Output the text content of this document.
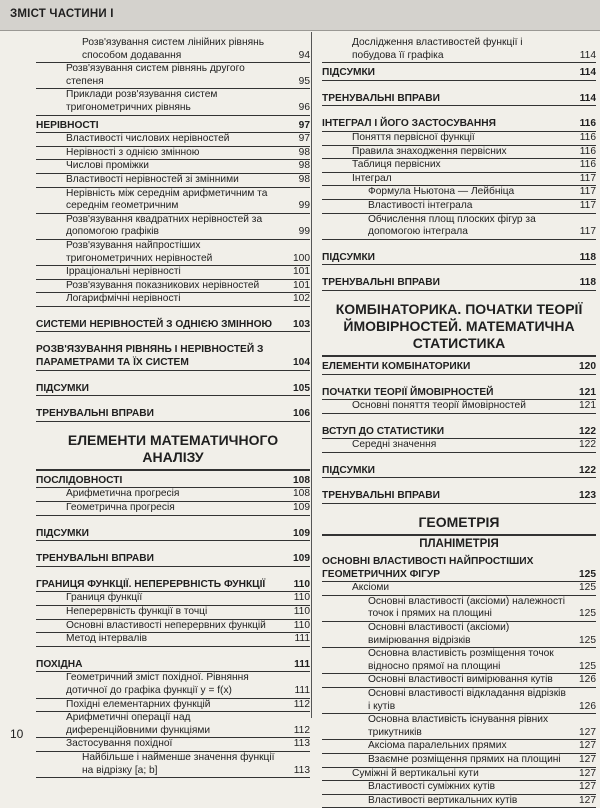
ЗМІСТ ЧАСТИНИ І
Розв'язування систем лінійних рівнянь способом додавання	94
Розв'язування систем рівнянь другого степеня	95
Приклади розв'язування систем тригонометричних рівнянь	96
НЕРІВНОСТІ	97
Властивості числових нерівностей	97
Нерівності з однією змінною	98
Числові проміжки	98
Властивості нерівностей зі змінними	98
Нерівність між середнім арифметичним та середнім геометричним	99
Розв'язування квадратних нерівностей за допомогою графіків	99
Розв'язування найпростіших тригонометричних нерівностей	100
Ірраціональні нерівності	101
Розв'язування показникових нерівностей	101
Логарифмічні нерівності	102
СИСТЕМИ НЕРІВНОСТЕЙ З ОДНІЄЮ ЗМІННОЮ	103
РОЗВ'ЯЗУВАННЯ РІВНЯНЬ І НЕРІВНОСТЕЙ З ПАРАМЕТРАМИ ТА ЇХ СИСТЕМ	104
ПІДСУМКИ	105
ТРЕНУВАЛЬНІ ВПРАВИ	106
ЕЛЕМЕНТИ МАТЕМАТИЧНОГО АНАЛІЗУ
ПОСЛІДОВНОСТІ	108
Арифметична прогресія	108
Геометрична прогресія	109
ПІДСУМКИ	109
ТРЕНУВАЛЬНІ ВПРАВИ	109
ГРАНИЦЯ ФУНКЦІЇ. НЕПЕРЕРВНІСТЬ ФУНКЦІЇ	110
Границя функції	110
Неперервність функції в точці	110
Основні властивості неперервних функцій	110
Метод інтервалів	111
ПОХІДНА	111
Геометричний зміст похідної. Рівняння дотичної до графіка функції y = f(x)	111
Похідні елементарних функцій	112
Арифметичні операції над диференційовними функціями	112
Застосування похідної	113
Найбільше і найменше значення функції на відрізку [a; b]	113
Дослідження властивостей функції і побудова її графіка	114
ПІДСУМКИ	114
ТРЕНУВАЛЬНІ ВПРАВИ	114
ІНТЕГРАЛ І ЙОГО ЗАСТОСУВАННЯ	116
Поняття первісної функції	116
Правила знаходження первісних	116
Таблиця первісних	116
Інтеграл	117
Формула Ньютона — Лейбніца	117
Властивості інтеграла	117
Обчислення площ плоских фігур за допомогою інтеграла	117
ПІДСУМКИ	118
ТРЕНУВАЛЬНІ ВПРАВИ	118
КОМБІНАТОРИКА. ПОЧАТКИ ТЕОРІЇ ЙМОВІРНОСТЕЙ. МАТЕМАТИЧНА СТАТИСТИКА
ЕЛЕМЕНТИ КОМБІНАТОРИКИ	120
ПОЧАТКИ ТЕОРІЇ ЙМОВІРНОСТЕЙ	121
Основні поняття теорії ймовірностей	121
ВСТУП ДО СТАТИСТИКИ	122
Середні значення	122
ПІДСУМКИ	122
ТРЕНУВАЛЬНІ ВПРАВИ	123
ГЕОМЕТРІЯ
ПЛАНІМЕТРІЯ
ОСНОВНІ ВЛАСТИВОСТІ НАЙПРОСТІШИХ ГЕОМЕТРИЧНИХ ФІГУР	125
Аксіоми	125
Основні властивості (аксіоми) належності точок і прямих на площині	125
Основні властивості (аксіоми) вимірювання відрізків	125
Основна властивість розміщення точок відносно прямої на площині	125
Основні властивості вимірювання кутів	126
Основні властивості відкладання відрізків і кутів	126
Основна властивість існування рівних трикутників	127
Аксіома паралельних прямих	127
Взаємне розміщення прямих на площині	127
Суміжні й вертикальні кути	127
Властивості суміжних кутів	127
Властивості вертикальних кутів	127
10
